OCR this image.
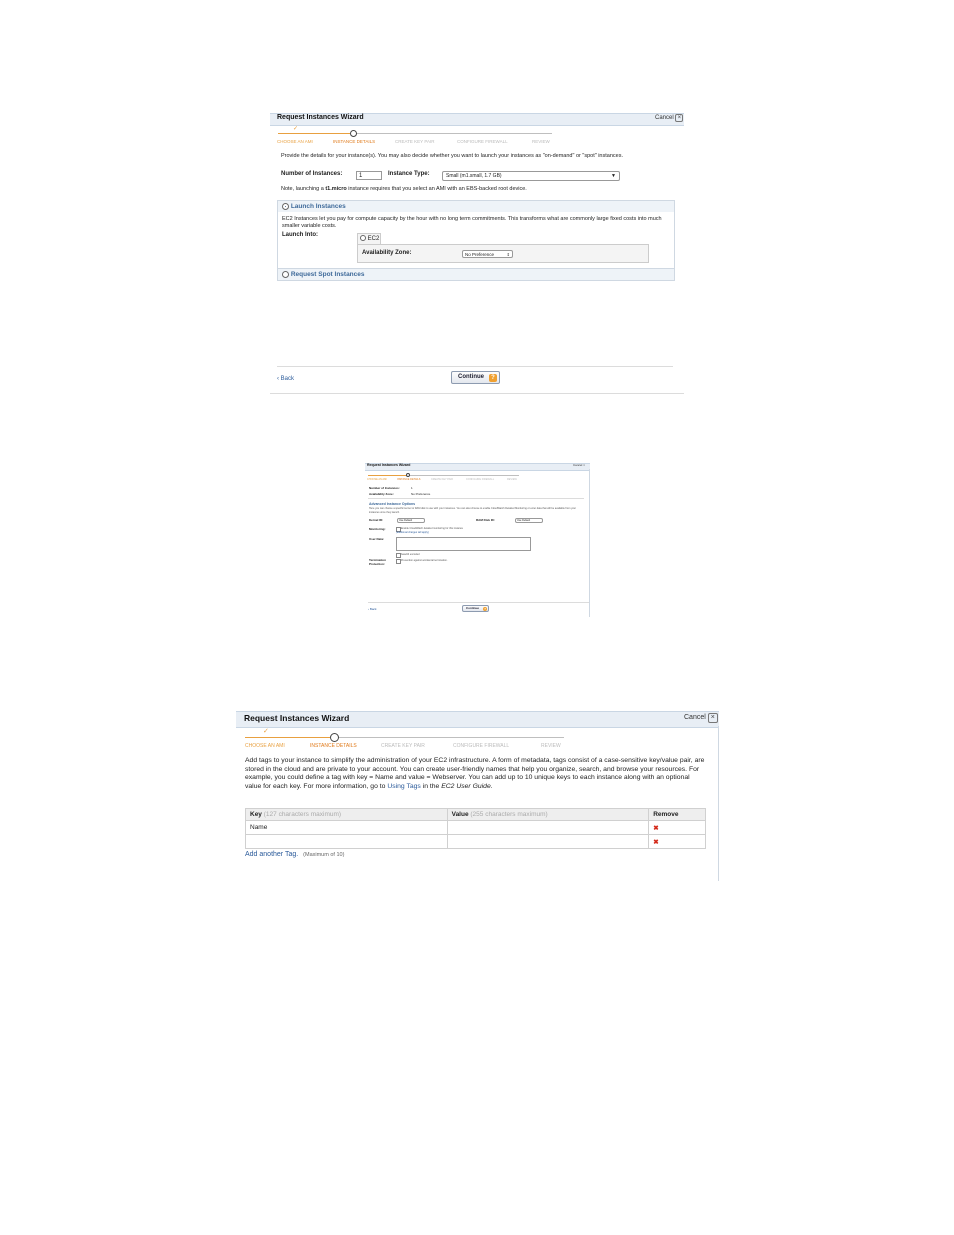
Request Instances Wizard	Cancel ×
✓
CHOOSE AN AMI	INSTANCE DETAILS	CREATE KEY PAIR	CONFIGURE FIREWALL	REVIEW
Provide the details for your instance(s). You may also decide whether you want to launch your instances as "on-demand" or "spot" instances.
Number of Instances:	1	Instance Type:	Small (m1.small, 1.7 GB)	▼
Note, launching a t1.micro instance requires that you select an AMI with an EBS-backed root device.
Launch Instances
EC2 Instances let you pay for compute capacity by the hour with no long term commitments. This transforms what are commonly large fixed costs into much smaller variable costs.
Launch Into:
EC2
Availability Zone:	No Preference	⇕
Request Spot Instances
‹ Back	Continue	?
Request Instances Wizard	Cancel ×
CHOOSE AN AMI	INSTANCE DETAILS	CREATE KEY PAIR	CONFIGURE FIREWALL	REVIEW
Number of Instances:	1
Availability Zone:	No Preference
Advanced Instance Options
Here you can choose a specific kernel or RAM disk to use with your instances. You can also choose to enable CloudWatch Detailed Monitoring or enter data that will be available from your instances once they launch.
Kernel ID:	Use Default	RAM Disk ID:	Use Default
Monitoring:	Enable CloudWatch detailed monitoring for this instance
(additional charges will apply)
User Data:
base64 encoded
Termination Protection:
Prevention against accidental termination.
‹ Back	Continue	?
Request Instances Wizard	Cancel ×
✓
CHOOSE AN AMI	INSTANCE DETAILS	CREATE KEY PAIR	CONFIGURE FIREWALL	REVIEW
Add tags to your instance to simplify the administration of your EC2 infrastructure. A form of metadata, tags consist of a case-sensitive key/value pair, are stored in the cloud and are private to your account. You can create user-friendly names that help you organize, search, and browse your resources. For example, you could define a tag with key = Name and value = Webserver. You can add up to 10 unique keys to each instance along with an optional value for each key. For more information, go to Using Tags in the EC2 User Guide.
Key (127 characters maximum)	Value (255 characters maximum)	Remove
Name		✖
		✖
Add another Tag. (Maximum of 10)
